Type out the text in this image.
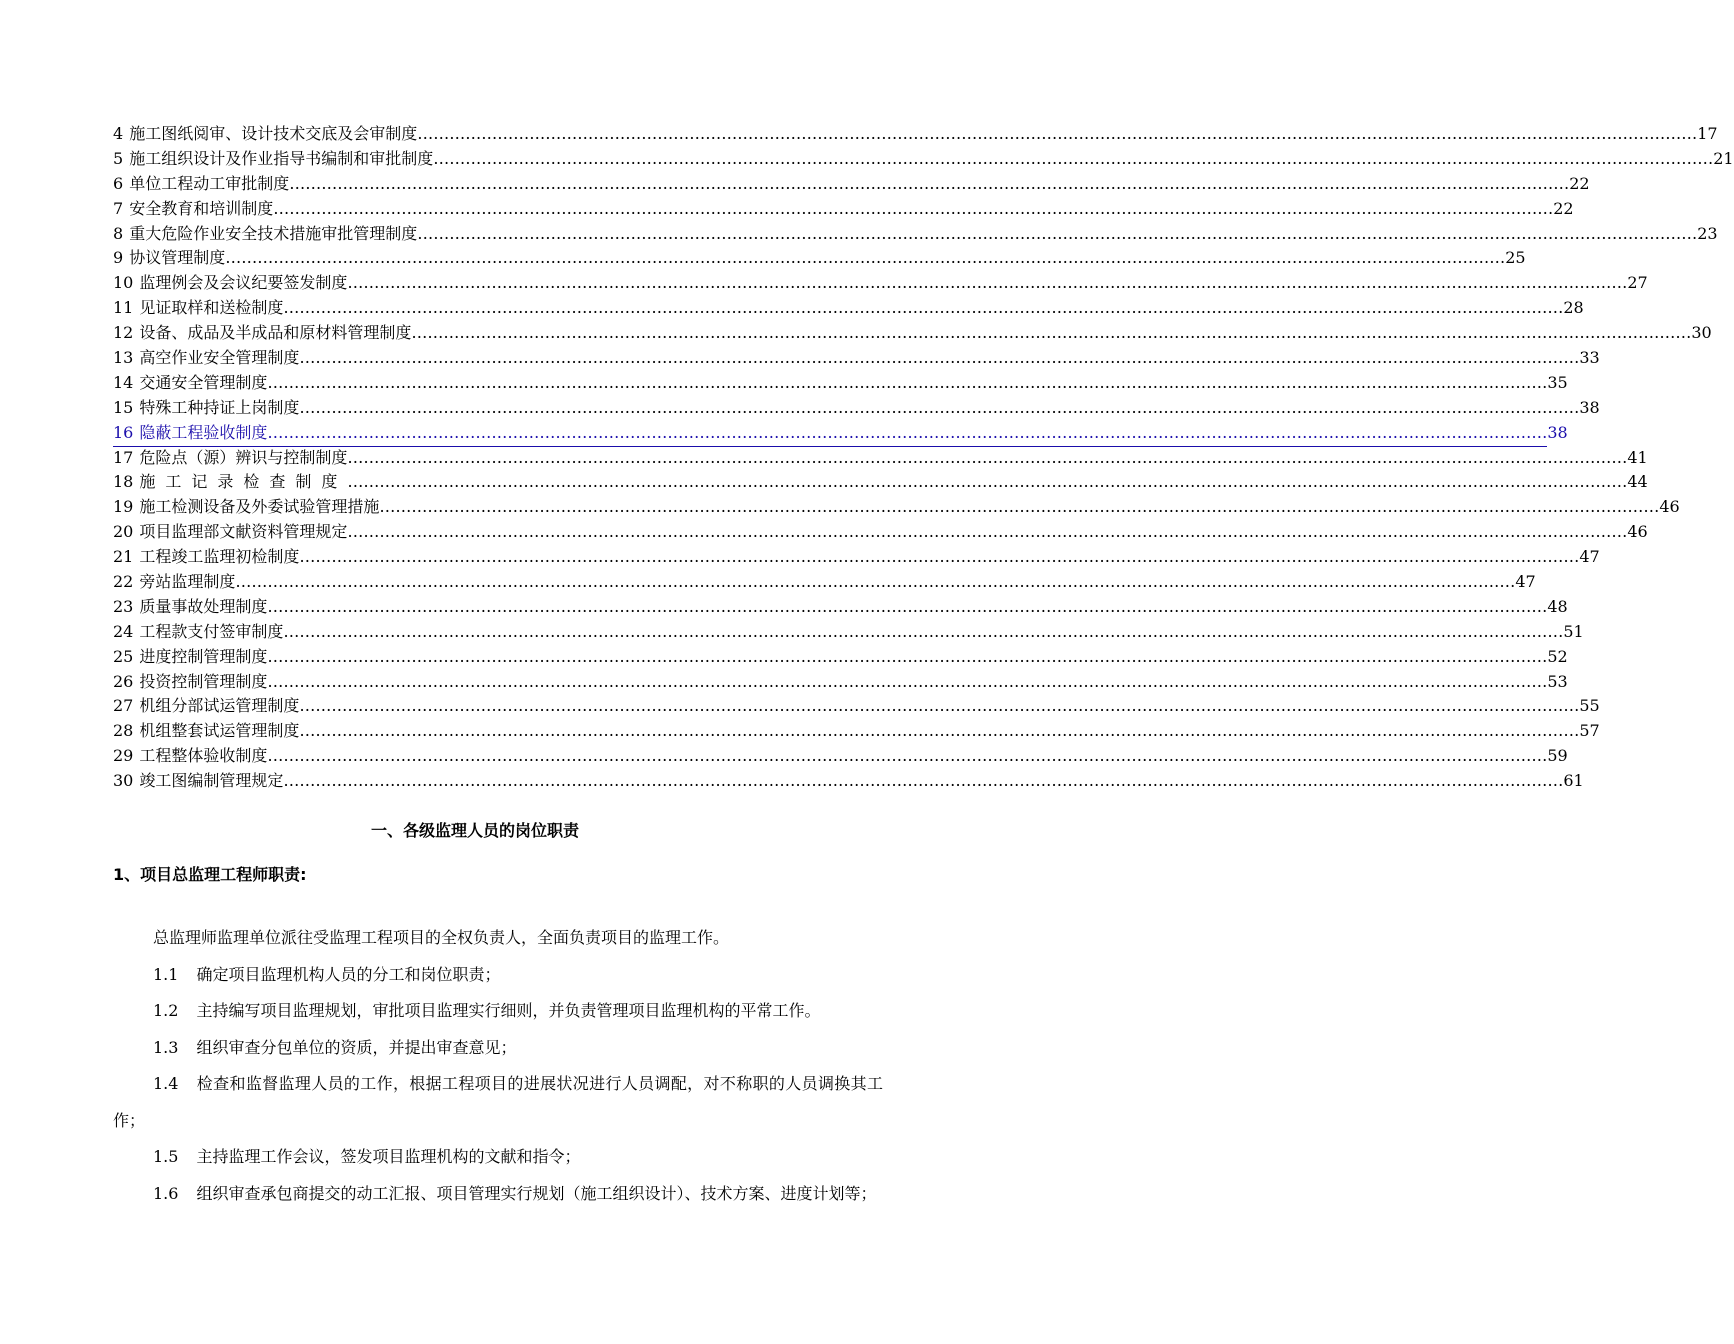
4 施工图纸阅审、设计技术交底及会审制度 …………………………………………………………………………………………………………………………………………………………………………………………………………………… 17
5 施工组织设计及作业指导书编制和审批制度 …………………………………………………………………………………………………………………………………………………………………………………………………………………… 21
6 单位工程动工审批制度 …………………………………………………………………………………………………………………………………………………………………………………………………………………… 22
7 安全教育和培训制度 …………………………………………………………………………………………………………………………………………………………………………………………………………………… 22
8 重大危险作业安全技术措施审批管理制度 …………………………………………………………………………………………………………………………………………………………………………………………………………………… 23
9 协议管理制度 …………………………………………………………………………………………………………………………………………………………………………………………………………………… 25
10 监理例会及会议纪要签发制度 …………………………………………………………………………………………………………………………………………………………………………………………………………………… 27
11 见证取样和送检制度 …………………………………………………………………………………………………………………………………………………………………………………………………………………… 28
12 设备、成品及半成品和原材料管理制度 …………………………………………………………………………………………………………………………………………………………………………………………………………………… 30
13 高空作业安全管理制度 …………………………………………………………………………………………………………………………………………………………………………………………………………………… 33
14 交通安全管理制度 …………………………………………………………………………………………………………………………………………………………………………………………………………………… 35
15 特殊工种持证上岗制度 …………………………………………………………………………………………………………………………………………………………………………………………………………………… 38
16 隐蔽工程验收制度 …………………………………………………………………………………………………………………………………………………………………………………………………………………… 38
17 危险点（源）辨识与控制制度 …………………………………………………………………………………………………………………………………………………………………………………………………………………… 41
18 施工记录检查制度 …………………………………………………………………………………………………………………………………………………………………………………………………………………… 44
19 施工检测设备及外委试验管理措施 …………………………………………………………………………………………………………………………………………………………………………………………………………………… 46
20 项目监理部文献资料管理规定 …………………………………………………………………………………………………………………………………………………………………………………………………………………… 46
21 工程竣工监理初检制度 …………………………………………………………………………………………………………………………………………………………………………………………………………………… 47
22 旁站监理制度 …………………………………………………………………………………………………………………………………………………………………………………………………………………… 47
23 质量事故处理制度 …………………………………………………………………………………………………………………………………………………………………………………………………………………… 48
24 工程款支付签审制度 …………………………………………………………………………………………………………………………………………………………………………………………………………………… 51
25 进度控制管理制度 …………………………………………………………………………………………………………………………………………………………………………………………………………………… 52
26 投资控制管理制度 …………………………………………………………………………………………………………………………………………………………………………………………………………………… 53
27 机组分部试运管理制度 …………………………………………………………………………………………………………………………………………………………………………………………………………………… 55
28 机组整套试运管理制度 …………………………………………………………………………………………………………………………………………………………………………………………………………………… 57
29 工程整体验收制度 …………………………………………………………………………………………………………………………………………………………………………………………………………………… 59
30 竣工图编制管理规定 …………………………………………………………………………………………………………………………………………………………………………………………………………………… 61
一、各级监理人员的岗位职责
1、项目总监理工程师职责:

总监理师监理单位派往受监理工程项目的全权负责人，全面负责项目的监理工作。

1.1 确定项目监理机构人员的分工和岗位职责；

1.2 主持编写项目监理规划，审批项目监理实行细则，并负责管理项目监理机构的平常工作。

1.3 组织审查分包单位的资质，并提出审查意见；

1.4 检查和监督监理人员的工作，根据工程项目的进展状况进行人员调配，对不称职的人员调换其工作；

1.5 主持监理工作会议，签发项目监理机构的文献和指令；

1.6 组织审查承包商提交的动工汇报、项目管理实行规划（施工组织设计）、技术方案、进度计划等；
